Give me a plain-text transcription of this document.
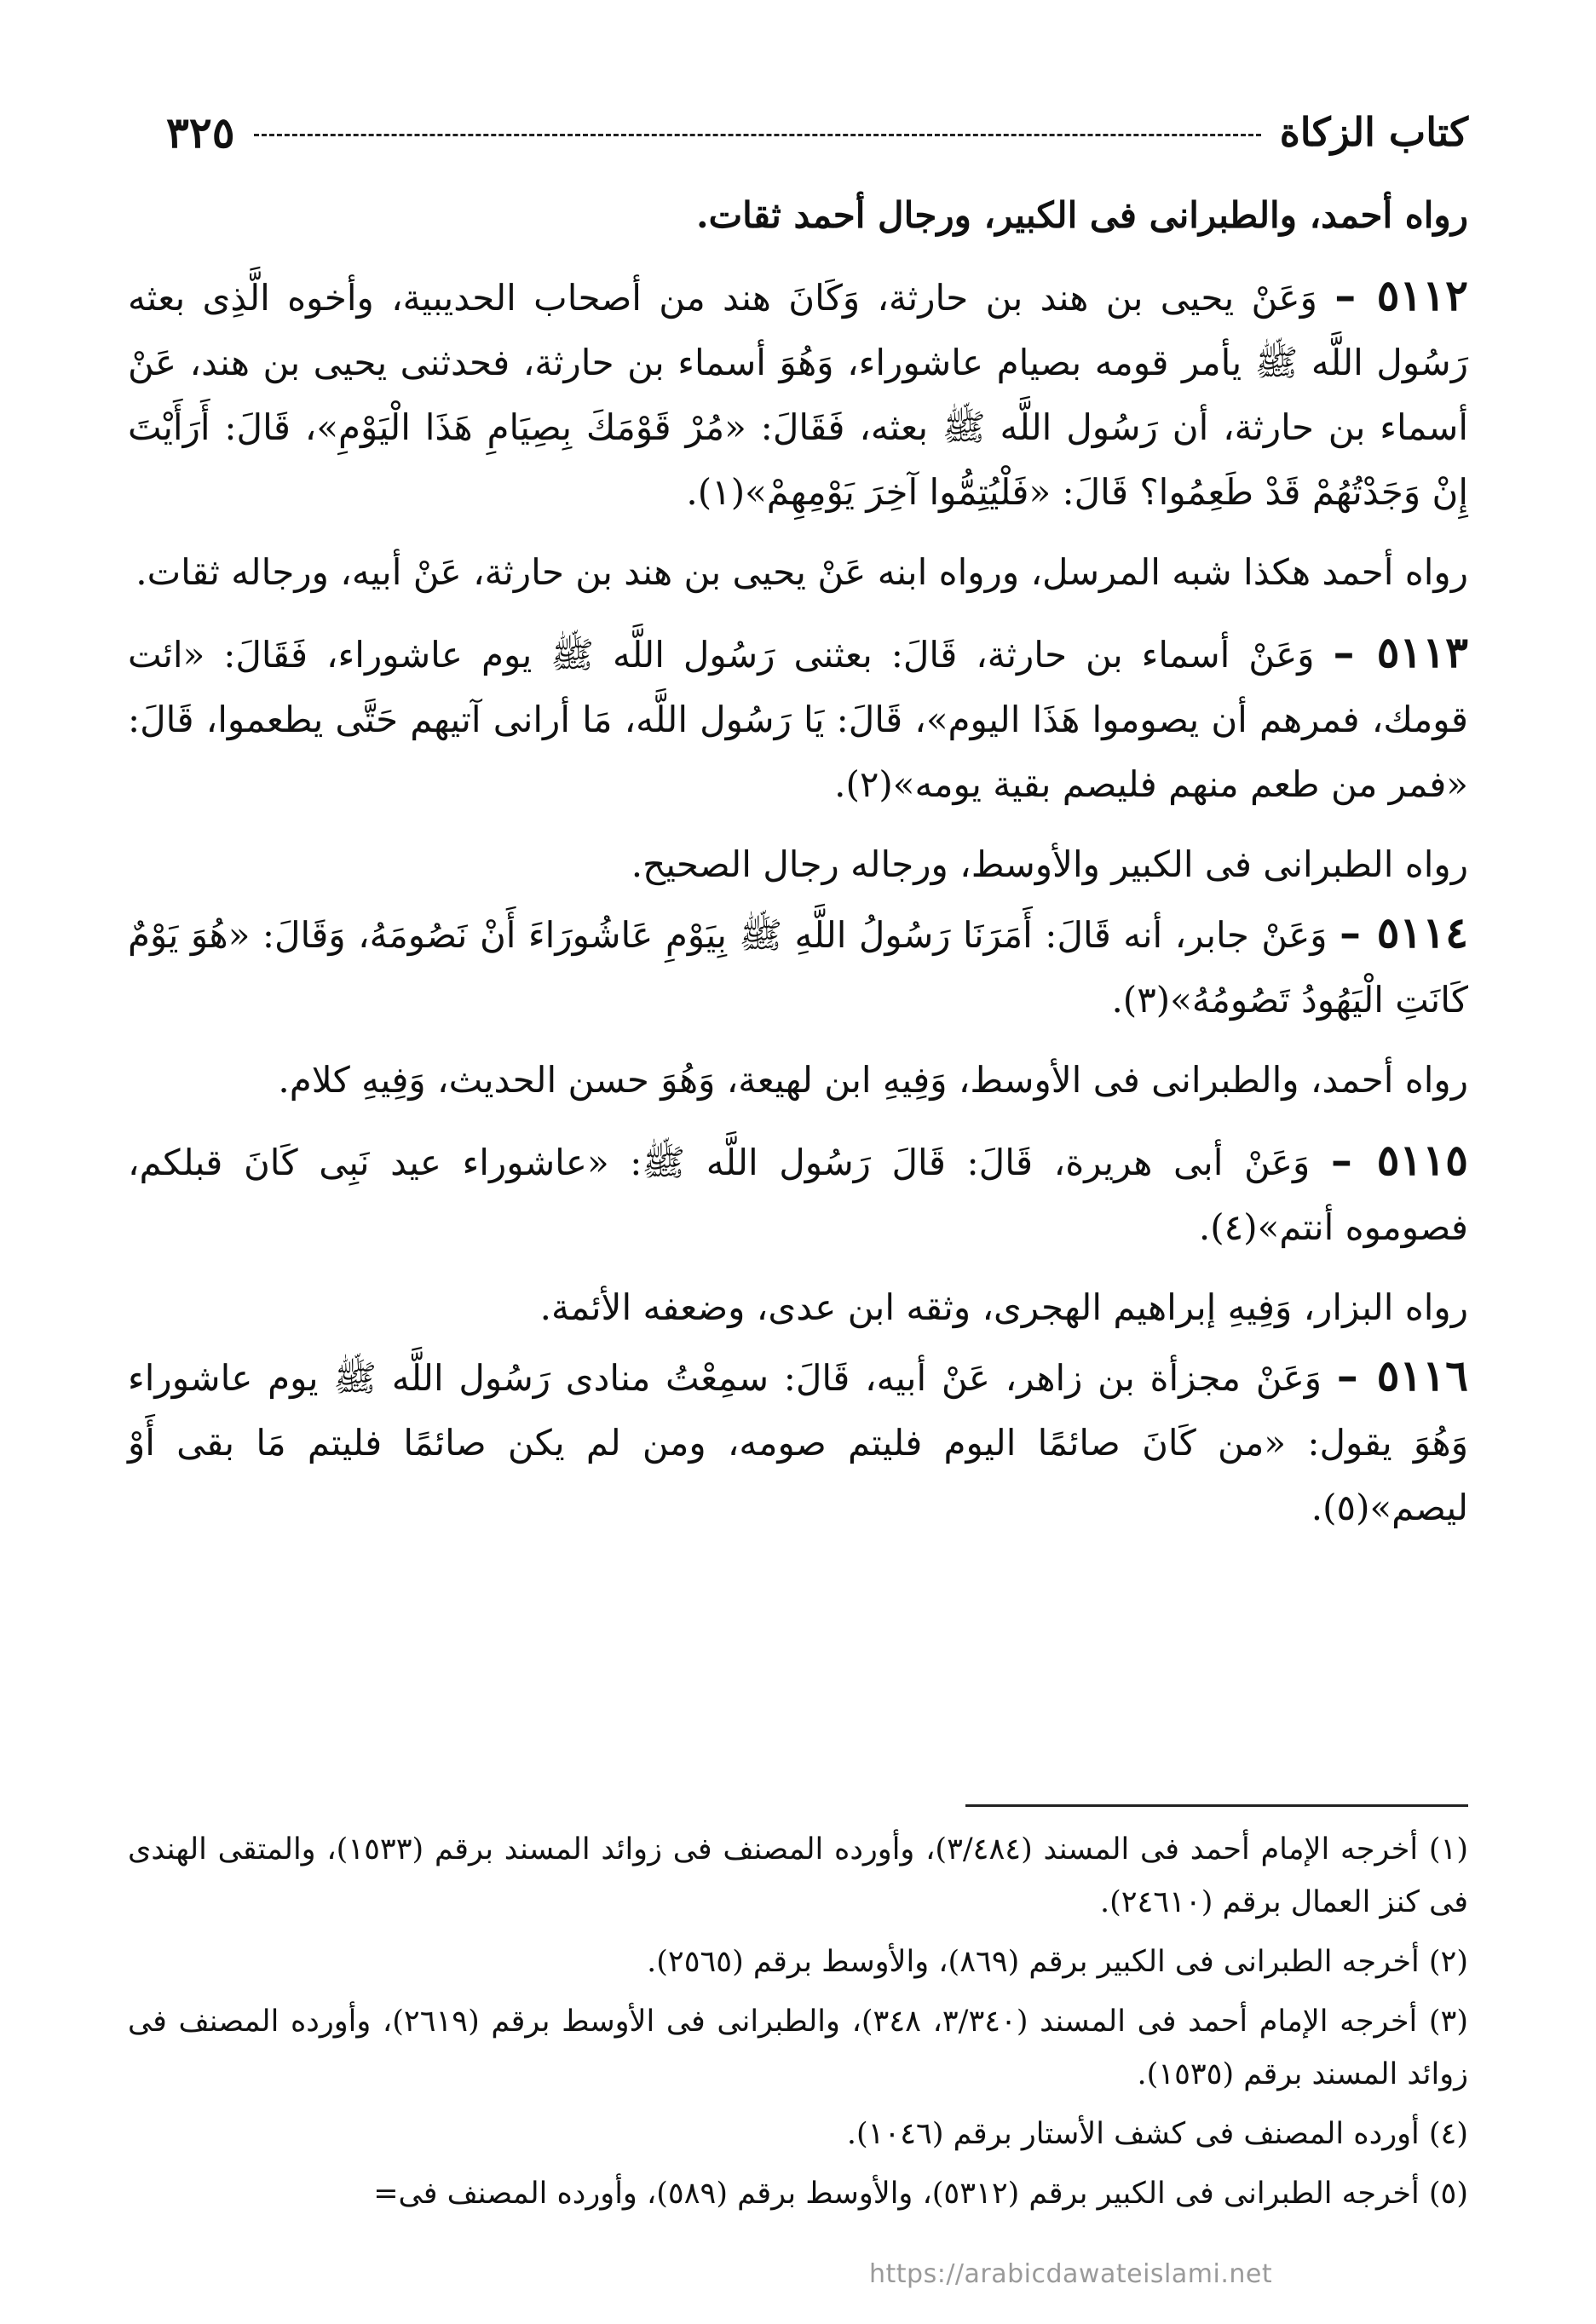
كتاب الزكاة
٣٢٥

رواه أحمد، والطبرانى فى الكبير، ورجال أحمد ثقات.

٥١١٢ – وَعَنْ يحيى بن هند بن حارثة، وَكَانَ هند من أصحاب الحديبية، وأخوه الَّذِى بعثه رَسُول اللَّه ﷺ يأمر قومه بصيام عاشوراء، وَهُوَ أسماء بن حارثة، فحدثنى يحيى بن هند، عَنْ أسماء بن حارثة، أن رَسُول اللَّه ﷺ بعثه، فَقَالَ: «مُرْ قَوْمَكَ بِصِيَامِ هَذَا الْيَوْمِ»، قَالَ: أَرَأَيْتَ إِنْ وَجَدْتُهُمْ قَدْ طَعِمُوا؟ قَالَ: «فَلْيُتِمُّوا آخِرَ يَوْمِهِمْ»(١).

رواه أحمد هكذا شبه المرسل، ورواه ابنه عَنْ يحيى بن هند بن حارثة، عَنْ أبيه، ورجاله ثقات.

٥١١٣ – وَعَنْ أسماء بن حارثة، قَالَ: بعثنى رَسُول اللَّه ﷺ يوم عاشوراء، فَقَالَ: «ائت قومك، فمرهم أن يصوموا هَذَا اليوم»، قَالَ: يَا رَسُول اللَّه، مَا أرانى آتيهم حَتَّى يطعموا، قَالَ: «فمر من طعم منهم فليصم بقية يومه»(٢).

رواه الطبرانى فى الكبير والأوسط، ورجاله رجال الصحيح.

٥١١٤ – وَعَنْ جابر، أنه قَالَ: أَمَرَنَا رَسُولُ اللَّهِ ﷺ بِيَوْمِ عَاشُورَاءَ أَنْ نَصُومَهُ، وَقَالَ: «هُوَ يَوْمٌ كَانَتِ الْيَهُودُ تَصُومُهُ»(٣).

رواه أحمد، والطبرانى فى الأوسط، وَفِيهِ ابن لهيعة، وَهُوَ حسن الحديث، وَفِيهِ كلام.

٥١١٥ – وَعَنْ أبى هريرة، قَالَ: قَالَ رَسُول اللَّه ﷺ: «عاشوراء عيد نَبِى كَانَ قبلكم، فصوموه أنتم»(٤).

رواه البزار، وَفِيهِ إبراهيم الهجرى، وثقه ابن عدى، وضعفه الأئمة.

٥١١٦ – وَعَنْ مجزأة بن زاهر، عَنْ أبيه، قَالَ: سمِعْتُ منادى رَسُول اللَّه ﷺ يوم عاشوراء وَهُوَ يقول: «من كَانَ صائمًا اليوم فليتم صومه، ومن لم يكن صائمًا فليتم مَا بقى أَوْ ليصم»(٥).

(١) أخرجه الإمام أحمد فى المسند (٣/٤٨٤)، وأورده المصنف فى زوائد المسند برقم (١٥٣٣)، والمتقى الهندى فى كنز العمال برقم (٢٤٦١٠).

(٢) أخرجه الطبرانى فى الكبير برقم (٨٦٩)، والأوسط برقم (٢٥٦٥).

(٣) أخرجه الإمام أحمد فى المسند (٣/٣٤٠، ٣٤٨)، والطبرانى فى الأوسط برقم (٢٦١٩)، وأورده المصنف فى زوائد المسند برقم (١٥٣٥).

(٤) أورده المصنف فى كشف الأستار برقم (١٠٤٦).

(٥) أخرجه الطبرانى فى الكبير برقم (٥٣١٢)، والأوسط برقم (٥٨٩)، وأورده المصنف فى=

https://arabicdawateislami.net
